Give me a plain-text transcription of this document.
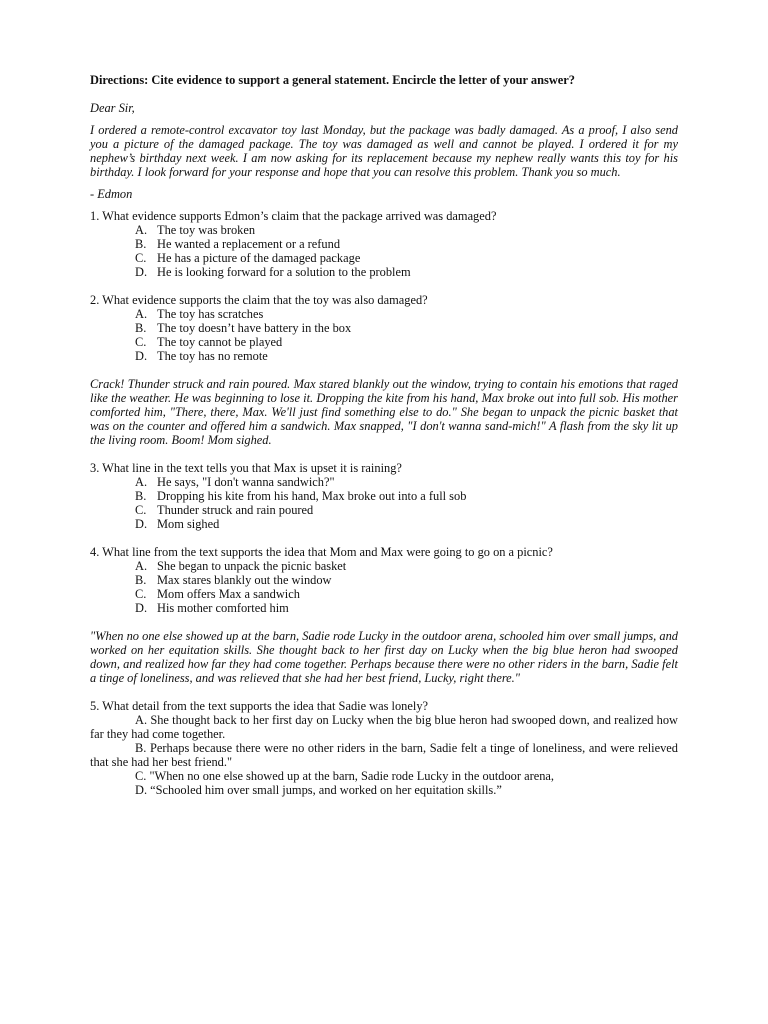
Directions: Cite evidence to support a general statement. Encircle the letter of your answer?

Dear Sir,

I ordered a remote-control excavator toy last Monday, but the package was badly damaged. As a proof, I also send you a picture of the damaged package. The toy was damaged as well and cannot be played. I ordered it for my nephew’s birthday next week. I am now asking for its replacement because my nephew really wants this toy for his birthday. I look forward for your response and hope that you can resolve this problem. Thank you so much.

- Edmon

1. What evidence supports Edmon’s claim that the package arrived was damaged?

A. The toy was broken
B. He wanted a replacement or a refund
C. He has a picture of the damaged package
D. He is looking forward for a solution to the problem

2. What evidence supports the claim that the toy was also damaged?

A. The toy has scratches
B. The toy doesn’t have battery in the box
C. The toy cannot be played
D. The toy has no remote

Crack! Thunder struck and rain poured. Max stared blankly out the window, trying to contain his emotions that raged like the weather. He was beginning to lose it. Dropping the kite from his hand, Max broke out into full sob. His mother comforted him, "There, there, Max. We'll just find something else to do." She began to unpack the picnic basket that was on the counter and offered him a sandwich. Max snapped, "I don't wanna sand-mich!" A flash from the sky lit up the living room. Boom! Mom sighed.

3. What line in the text tells you that Max is upset it is raining?

A. He says, "I don't wanna sandwich?"
B. Dropping his kite from his hand, Max broke out into a full sob
C. Thunder struck and rain poured
D. Mom sighed

4. What line from the text supports the idea that Mom and Max were going to go on a picnic?

A. She began to unpack the picnic basket
B. Max stares blankly out the window
C. Mom offers Max a sandwich
D. His mother comforted him

"When no one else showed up at the barn, Sadie rode Lucky in the outdoor arena, schooled him over small jumps, and worked on her equitation skills. She thought back to her first day on Lucky when the big blue heron had swooped down, and realized how far they had come together. Perhaps because there were no other riders in the barn, Sadie felt a tinge of loneliness, and was relieved that she had her best friend, Lucky, right there."

5. What detail from the text supports the idea that Sadie was lonely?

A. She thought back to her first day on Lucky when the big blue heron had swooped down, and realized how far they had come together.

B. Perhaps because there were no other riders in the barn, Sadie felt a tinge of loneliness, and were relieved that she had her best friend."

C. "When no one else showed up at the barn, Sadie rode Lucky in the outdoor arena,

D. “Schooled him over small jumps, and worked on her equitation skills.”
